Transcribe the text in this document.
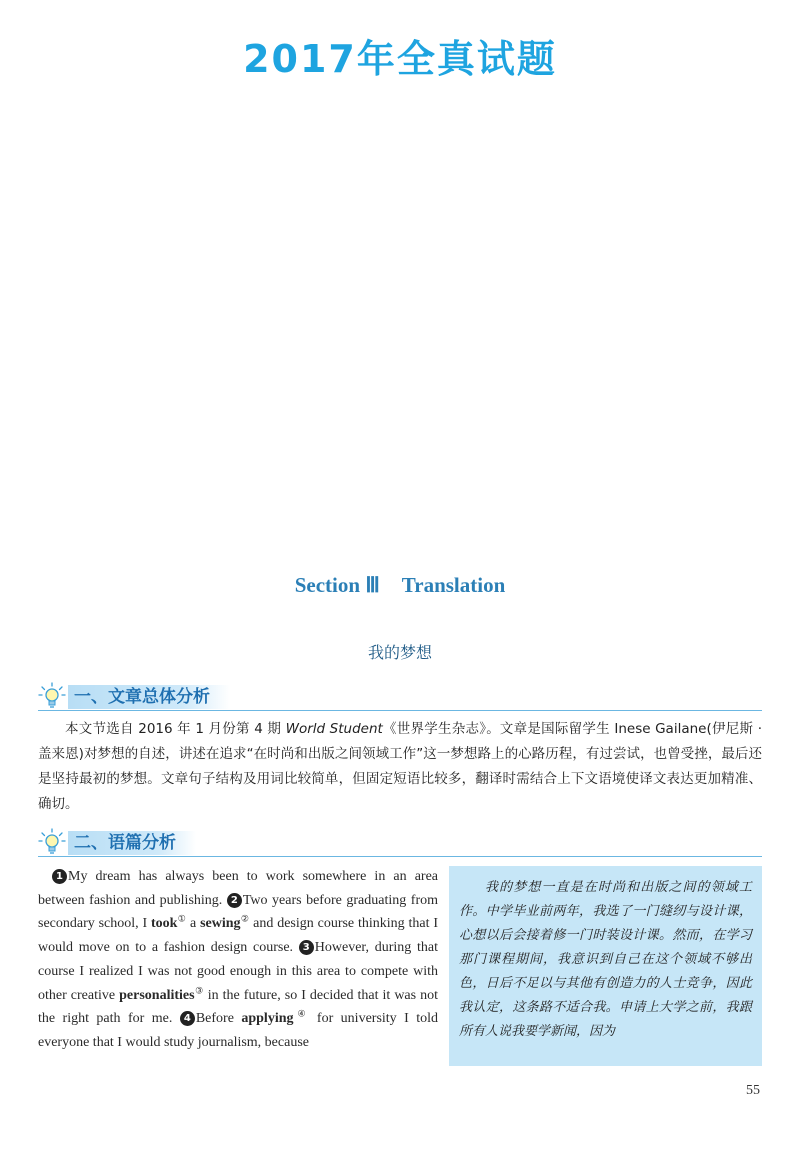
2017年全真试题
Section Ⅲ Translation
我的梦想
一、文章总体分析

本文节选自 2016 年 1 月份第 4 期 World Student《世界学生杂志》。文章是国际留学生 Inese Gailane(伊尼斯 · 盖来恩)对梦想的自述，讲述在追求“在时尚和出版之间领域工作”这一梦想路上的心路历程，有过尝试，也曾受挫，最后还是坚持最初的梦想。文章句子结构及用词比较简单，但固定短语比较多，翻译时需结合上下文语境使译文表达更加精准、确切。

二、语篇分析

1 My dream has always been to work somewhere in an area between fashion and publishing. 2 Two years before graduating from secondary school, I took① a sewing② and design course thinking that I would move on to a fashion design course. 3 However, during that course I realized I was not good enough in this area to compete with other creative personalities③ in the future, so I decided that it was not the right path for me. 4 Before applying④ for university I told everyone that I would study journalism, because

我的梦想一直是在时尚和出版之间的领域工作。中学毕业前两年，我选了一门缝纫与设计课，心想以后会接着修一门时装设计课。然而，在学习那门课程期间，我意识到自己在这个领域不够出色，日后不足以与其他有创造力的人士竞争，因此我认定，这条路不适合我。申请上大学之前，我跟所有人说我要学新闻，因为

55
